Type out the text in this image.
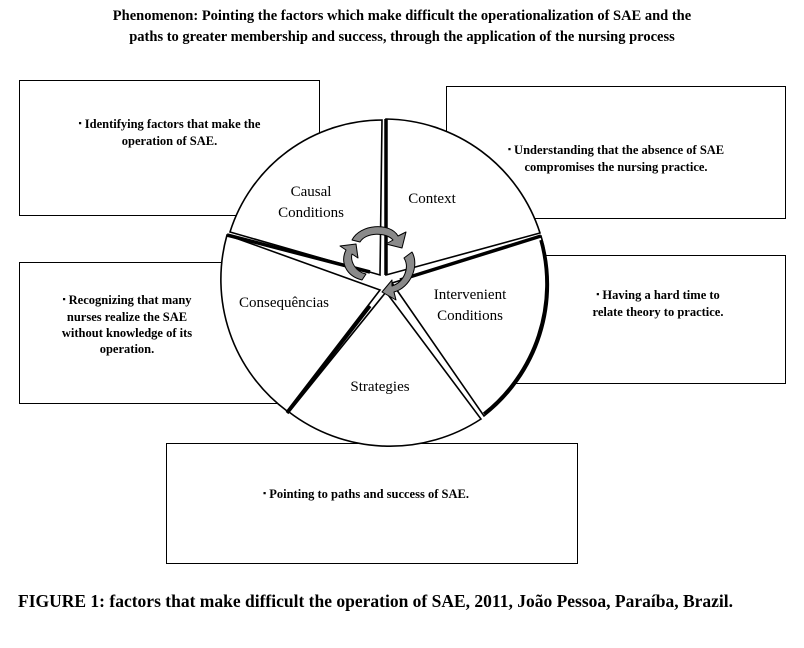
Phenomenon: Pointing the factors which make difficult the operationalization of SAE and the
paths to greater membership and success, through the application of the nursing process
▪ Identifying factors that make the
operation of SAE.
▪ Understanding that the absence of SAE
compromises the nursing practice.
▪ Recognizing that many
nurses realize the SAE
without knowledge of its
operation.
▪ Having a hard time to
relate theory to practice.
▪ Pointing to paths and success of SAE.
Causal
Conditions
Context
Intervenient
Conditions
Strategies
Consequências
FIGURE 1: factors that make difficult the operation of SAE, 2011, João Pessoa, Paraíba, Brazil.
